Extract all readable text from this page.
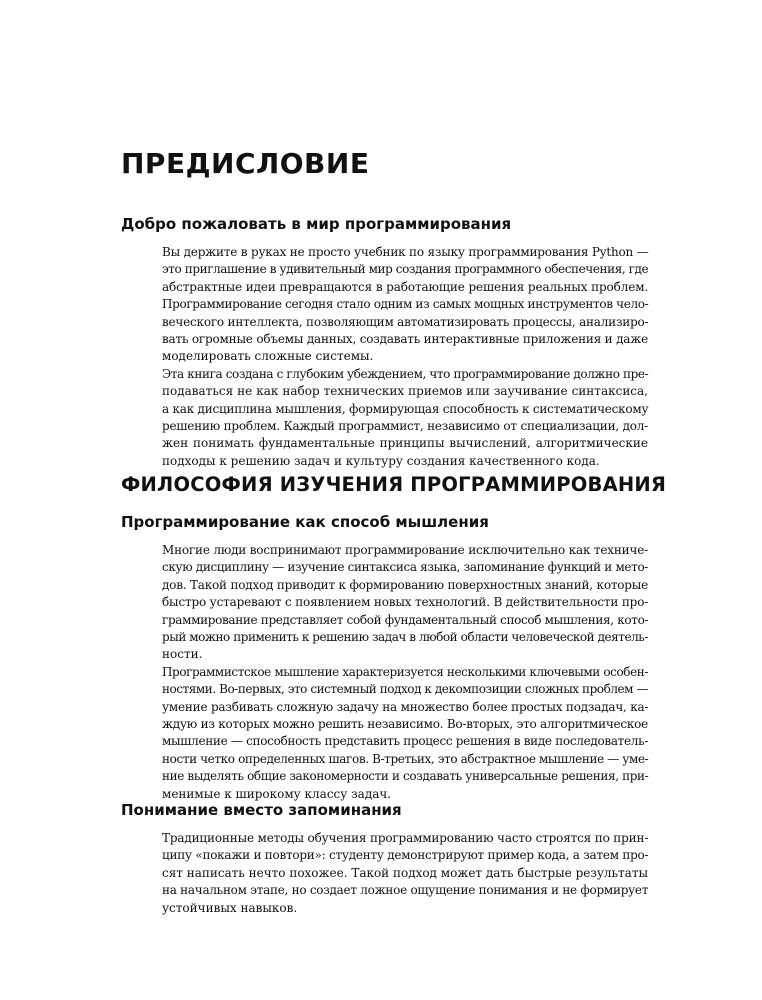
ПРЕДИСЛОВИЕ
Добро пожаловать в мир программирования
Вы держите в руках не просто учебник по языку программирования Python —
это приглашение в удивительный мир создания программного обеспечения, где
абстрактные идеи превращаются в работающие решения реальных проблем.
Программирование сегодня стало одним из самых мощных инструментов чело-
веческого интеллекта, позволяющим автоматизировать процессы, анализиро-
вать огромные объемы данных, создавать интерактивные приложения и даже
моделировать сложные системы.
Эта книга создана с глубоким убеждением, что программирование должно пре-
подаваться не как набор технических приемов или заучивание синтаксиса,
а как дисциплина мышления, формирующая способность к систематическому
решению проблем. Каждый программист, независимо от специализации, дол-
жен понимать фундаментальные принципы вычислений, алгоритмические
подходы к решению задач и культуру создания качественного кода.
ФИЛОСОФИЯ ИЗУЧЕНИЯ ПРОГРАММИРОВАНИЯ
Программирование как способ мышления
Многие люди воспринимают программирование исключительно как техниче-
скую дисциплину — изучение синтаксиса языка, запоминание функций и мето-
дов. Такой подход приводит к формированию поверхностных знаний, которые
быстро устаревают с появлением новых технологий. В действительности про-
граммирование представляет собой фундаментальный способ мышления, кото-
рый можно применить к решению задач в любой области человеческой деятель-
ности.
Программистское мышление характеризуется несколькими ключевыми особен-
ностями. Во-первых, это системный подход к декомпозиции сложных проблем —
умение разбивать сложную задачу на множество более простых подзадач, ка-
ждую из которых можно решить независимо. Во-вторых, это алгоритмическое
мышление — способность представить процесс решения в виде последователь-
ности четко определенных шагов. В-третьих, это абстрактное мышление — уме-
ние выделять общие закономерности и создавать универсальные решения, при-
менимые к широкому классу задач.
Понимание вместо запоминания
Традиционные методы обучения программированию часто строятся по прин-
ципу «покажи и повтори»: студенту демонстрируют пример кода, а затем про-
сят написать нечто похожее. Такой подход может дать быстрые результаты
на начальном этапе, но создает ложное ощущение понимания и не формирует
устойчивых навыков.
